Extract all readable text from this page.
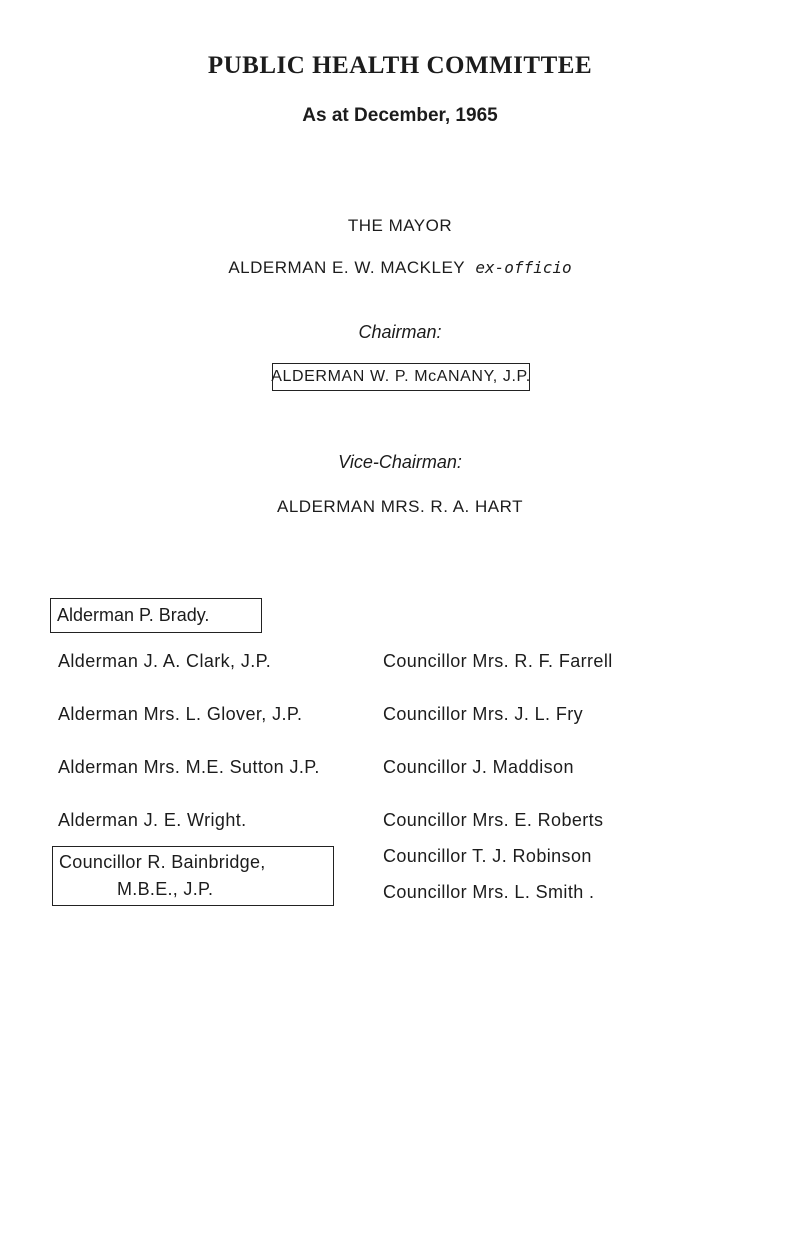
PUBLIC HEALTH COMMITTEE
As at December, 1965
THE MAYOR
ALDERMAN E. W. MACKLEY ex-officio
Chairman:
ALDERMAN W. P. McANANY, J.P.
Vice-Chairman:
ALDERMAN MRS. R. A. HART
Alderman P. Brady.
Alderman J. A. Clark, J.P.
Alderman Mrs. L. Glover, J.P.
Alderman Mrs. M.E. Sutton J.P.
Alderman J. E. Wright.
Councillor Mrs. R. F. Farrell
Councillor Mrs. J. L. Fry
Councillor J. Maddison
Councillor Mrs. E. Roberts
Councillor T. J. Robinson
Councillor Mrs. L. Smith .
Councillor R. Bainbridge,
M.B.E., J.P.
